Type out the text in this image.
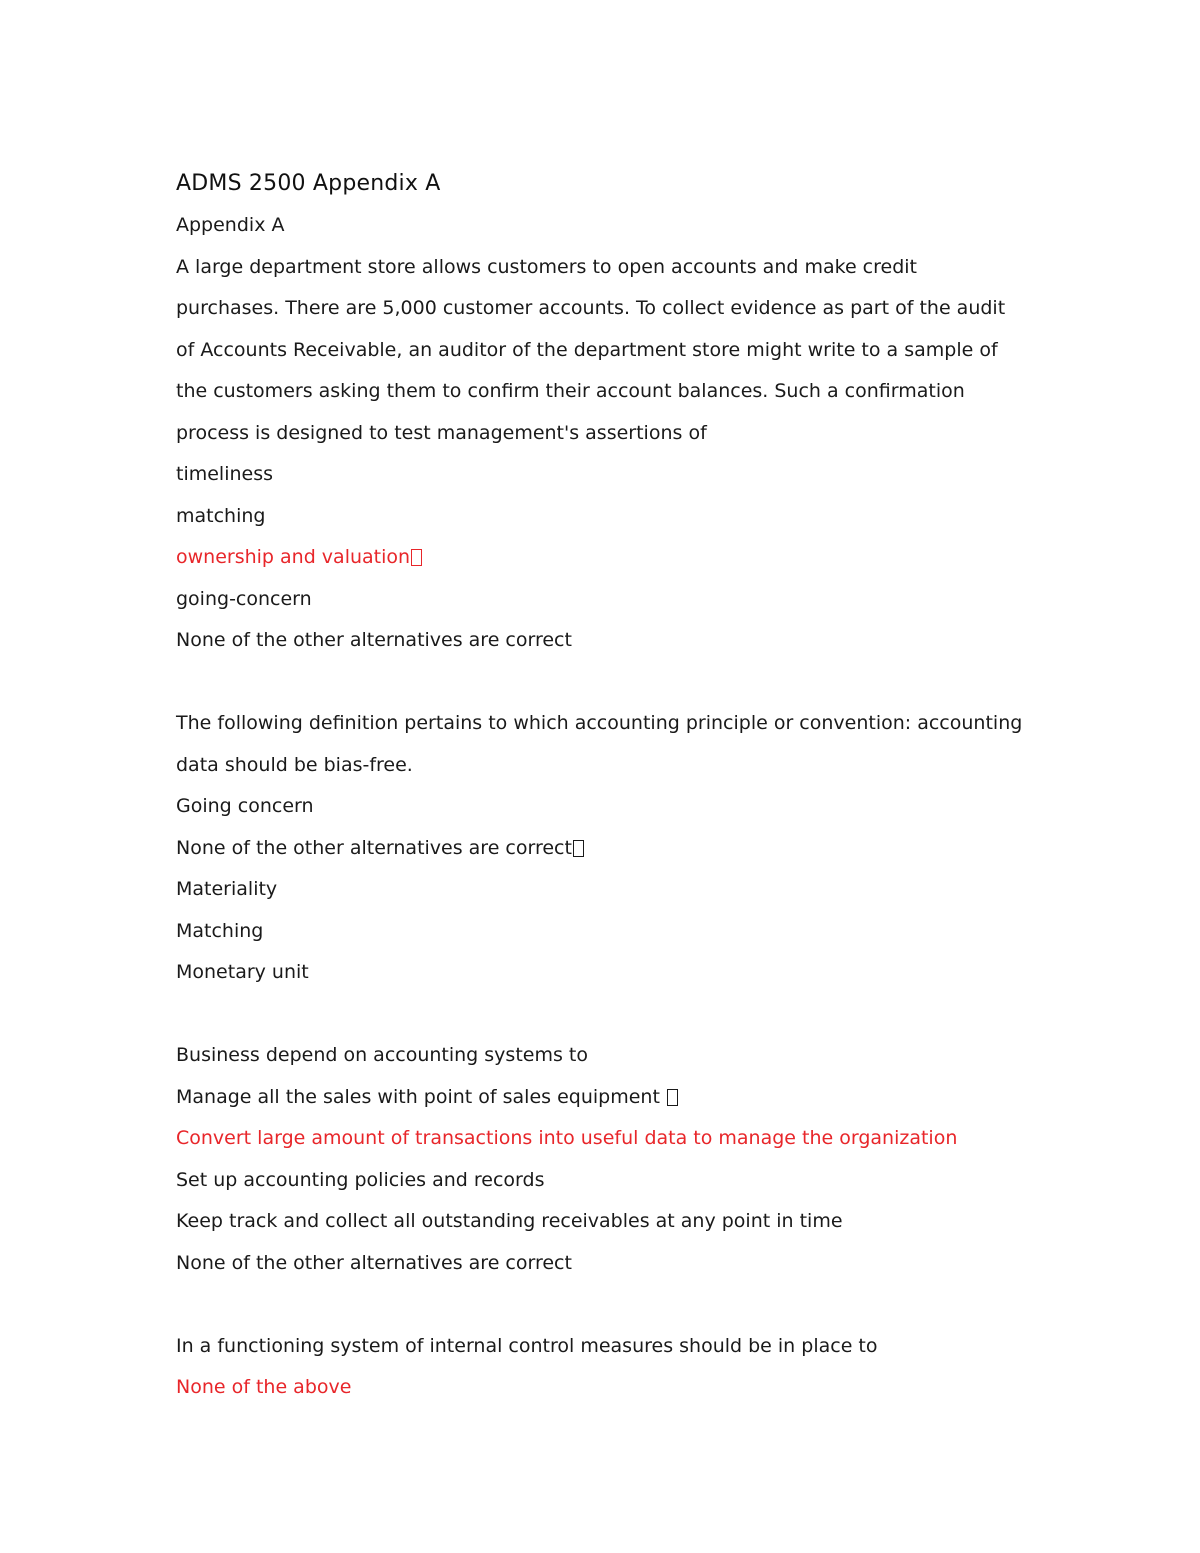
ADMS 2500 Appendix A
Appendix A
A large department store allows customers to open accounts and make credit
purchases. There are 5,000 customer accounts. To collect evidence as part of the audit
of Accounts Receivable, an auditor of the department store might write to a sample of
the customers asking them to confirm their account balances. Such a confirmation
process is designed to test management's assertions of
timeliness
matching
ownership and valuation
going-concern
None of the other alternatives are correct
The following definition pertains to which accounting principle or convention: accounting
data should be bias-free.
Going concern
None of the other alternatives are correct
Materiality
Matching
Monetary unit
Business depend on accounting systems to
Manage all the sales with point of sales equipment
Convert large amount of transactions into useful data to manage the organization
Set up accounting policies and records
Keep track and collect all outstanding receivables at any point in time
None of the other alternatives are correct
In a functioning system of internal control measures should be in place to
None of the above
